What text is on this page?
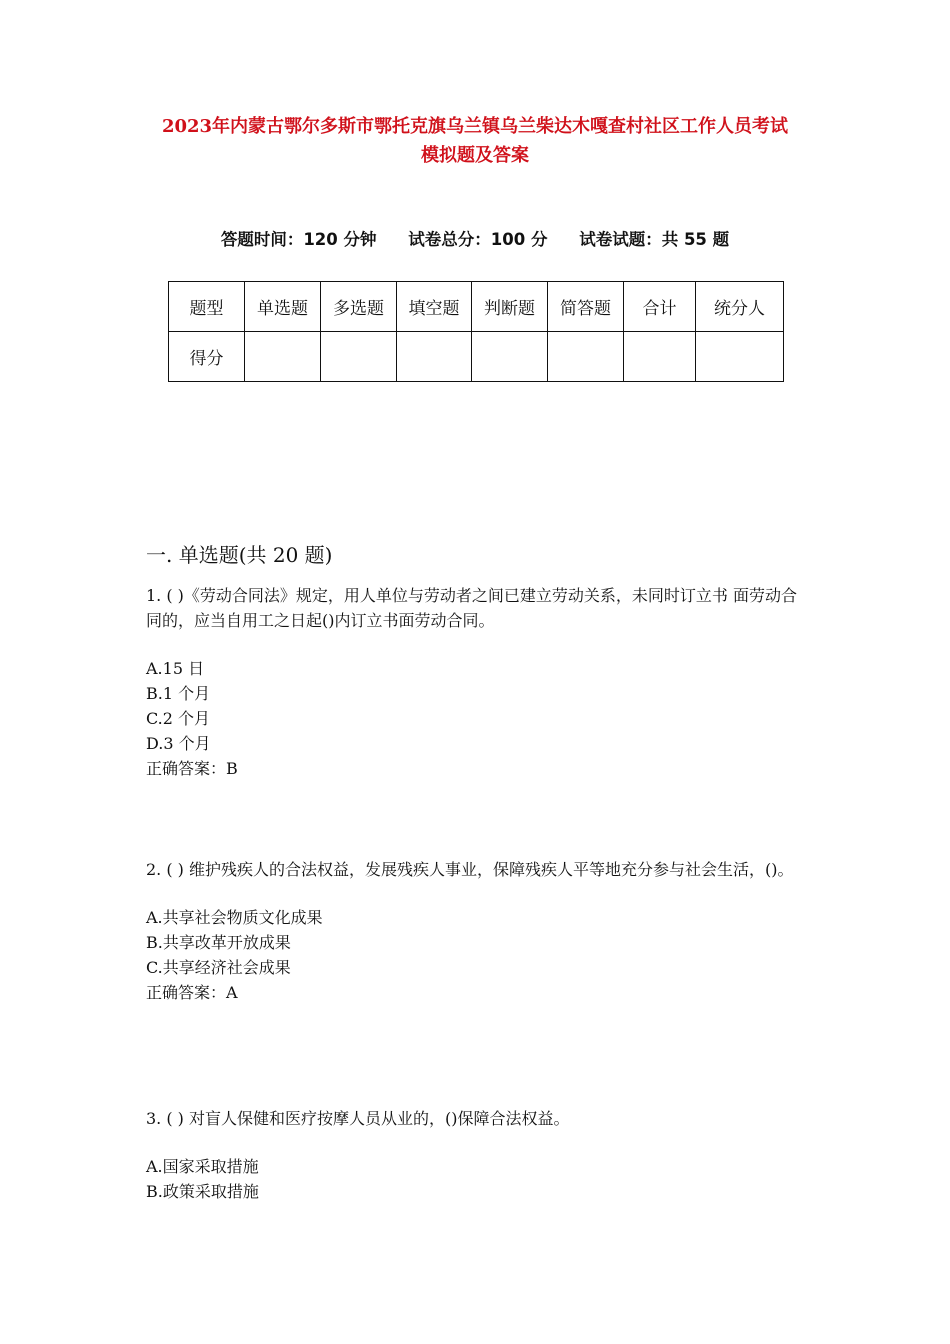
2023年内蒙古鄂尔多斯市鄂托克旗乌兰镇乌兰柴达木嘎查村社区工作人员考试
模拟题及答案
答题时间：120 分钟 试卷总分：100 分 试卷试题：共 55 题
题型	单选题	多选题	填空题	判断题	简答题	合计	统分人
得分							
一. 单选题(共 20 题)

1. ( )《劳动合同法》规定，用人单位与劳动者之间已建立劳动关系，未同时订立书 面劳动合同的，应当自用工之日起()内订立书面劳动合同。

A.15 日

B.1 个月

C.2 个月

D.3 个月

正确答案：B

2. ( ) 维护残疾人的合法权益，发展残疾人事业，保障残疾人平等地充分参与社会生活，()。

A.共享社会物质文化成果

B.共享改革开放成果

C.共享经济社会成果

正确答案：A

3. ( ) 对盲人保健和医疗按摩人员从业的，()保障合法权益。

A.国家采取措施

B.政策采取措施
